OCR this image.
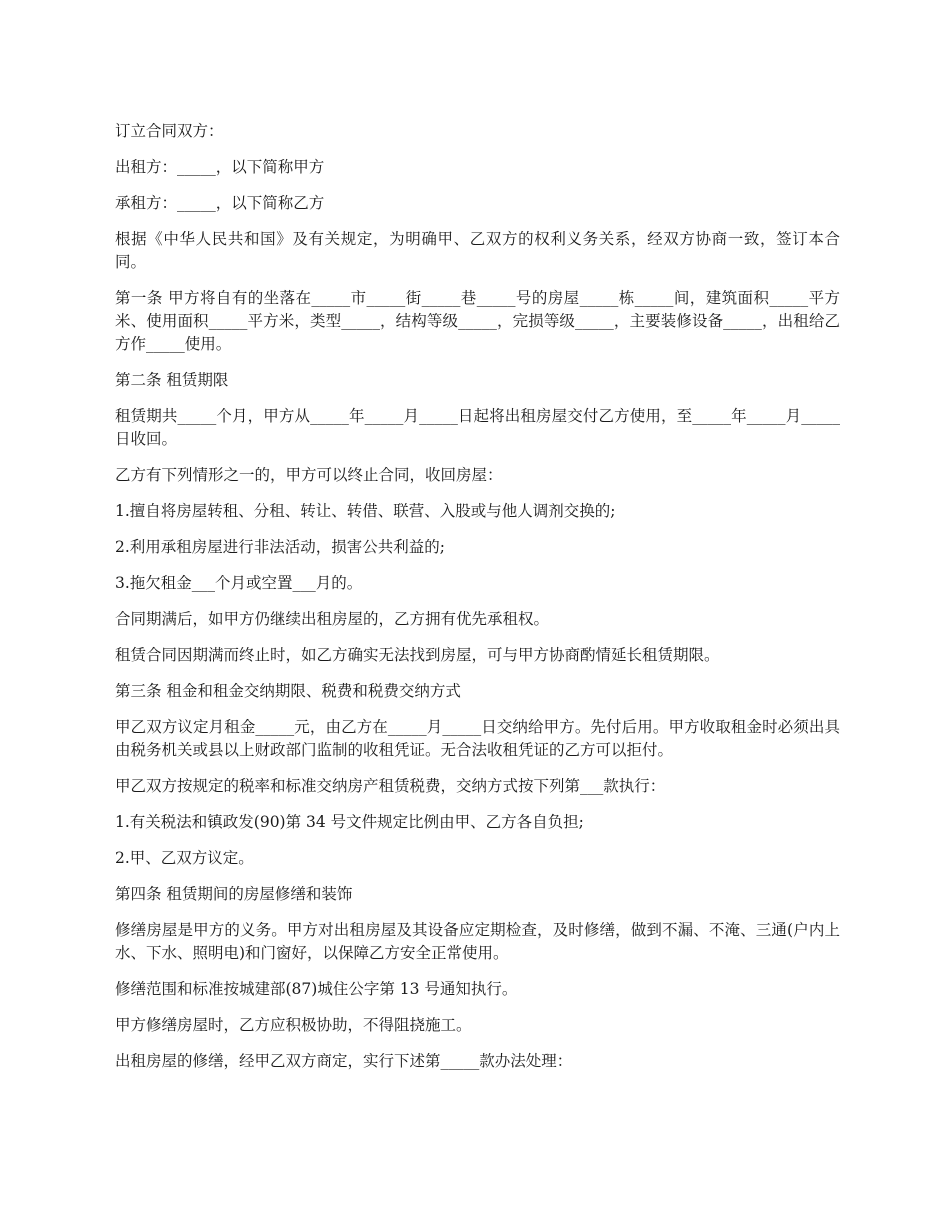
订立合同双方：

出租方：_____，以下简称甲方

承租方：_____，以下简称乙方

根据《中华人民共和国》及有关规定，为明确甲、乙双方的权利义务关系，经双方协商一致，签订本合同。

第一条 甲方将自有的坐落在_____市_____街_____巷_____号的房屋_____栋_____间，建筑面积_____平方米、使用面积_____平方米，类型_____，结构等级_____，完损等级_____，主要装修设备_____，出租给乙方作_____使用。

第二条 租赁期限

租赁期共_____个月，甲方从_____年_____月_____日起将出租房屋交付乙方使用，至_____年_____月_____日收回。

乙方有下列情形之一的，甲方可以终止合同，收回房屋：

1.擅自将房屋转租、分租、转让、转借、联营、入股或与他人调剂交换的;

2.利用承租房屋进行非法活动，损害公共利益的;

3.拖欠租金___个月或空置___月的。

合同期满后，如甲方仍继续出租房屋的，乙方拥有优先承租权。

租赁合同因期满而终止时，如乙方确实无法找到房屋，可与甲方协商酌情延长租赁期限。

第三条 租金和租金交纳期限、税费和税费交纳方式

甲乙双方议定月租金_____元，由乙方在_____月_____日交纳给甲方。先付后用。甲方收取租金时必须出具由税务机关或县以上财政部门监制的收租凭证。无合法收租凭证的乙方可以拒付。

甲乙双方按规定的税率和标准交纳房产租赁税费，交纳方式按下列第___款执行：

1.有关税法和镇政发(90)第 34 号文件规定比例由甲、乙方各自负担;

2.甲、乙双方议定。

第四条 租赁期间的房屋修缮和装饰

修缮房屋是甲方的义务。甲方对出租房屋及其设备应定期检查，及时修缮，做到不漏、不淹、三通(户内上水、下水、照明电)和门窗好，以保障乙方安全正常使用。

修缮范围和标准按城建部(87)城住公字第 13 号通知执行。

甲方修缮房屋时，乙方应积极协助，不得阻挠施工。

出租房屋的修缮，经甲乙双方商定，实行下述第_____款办法处理：
